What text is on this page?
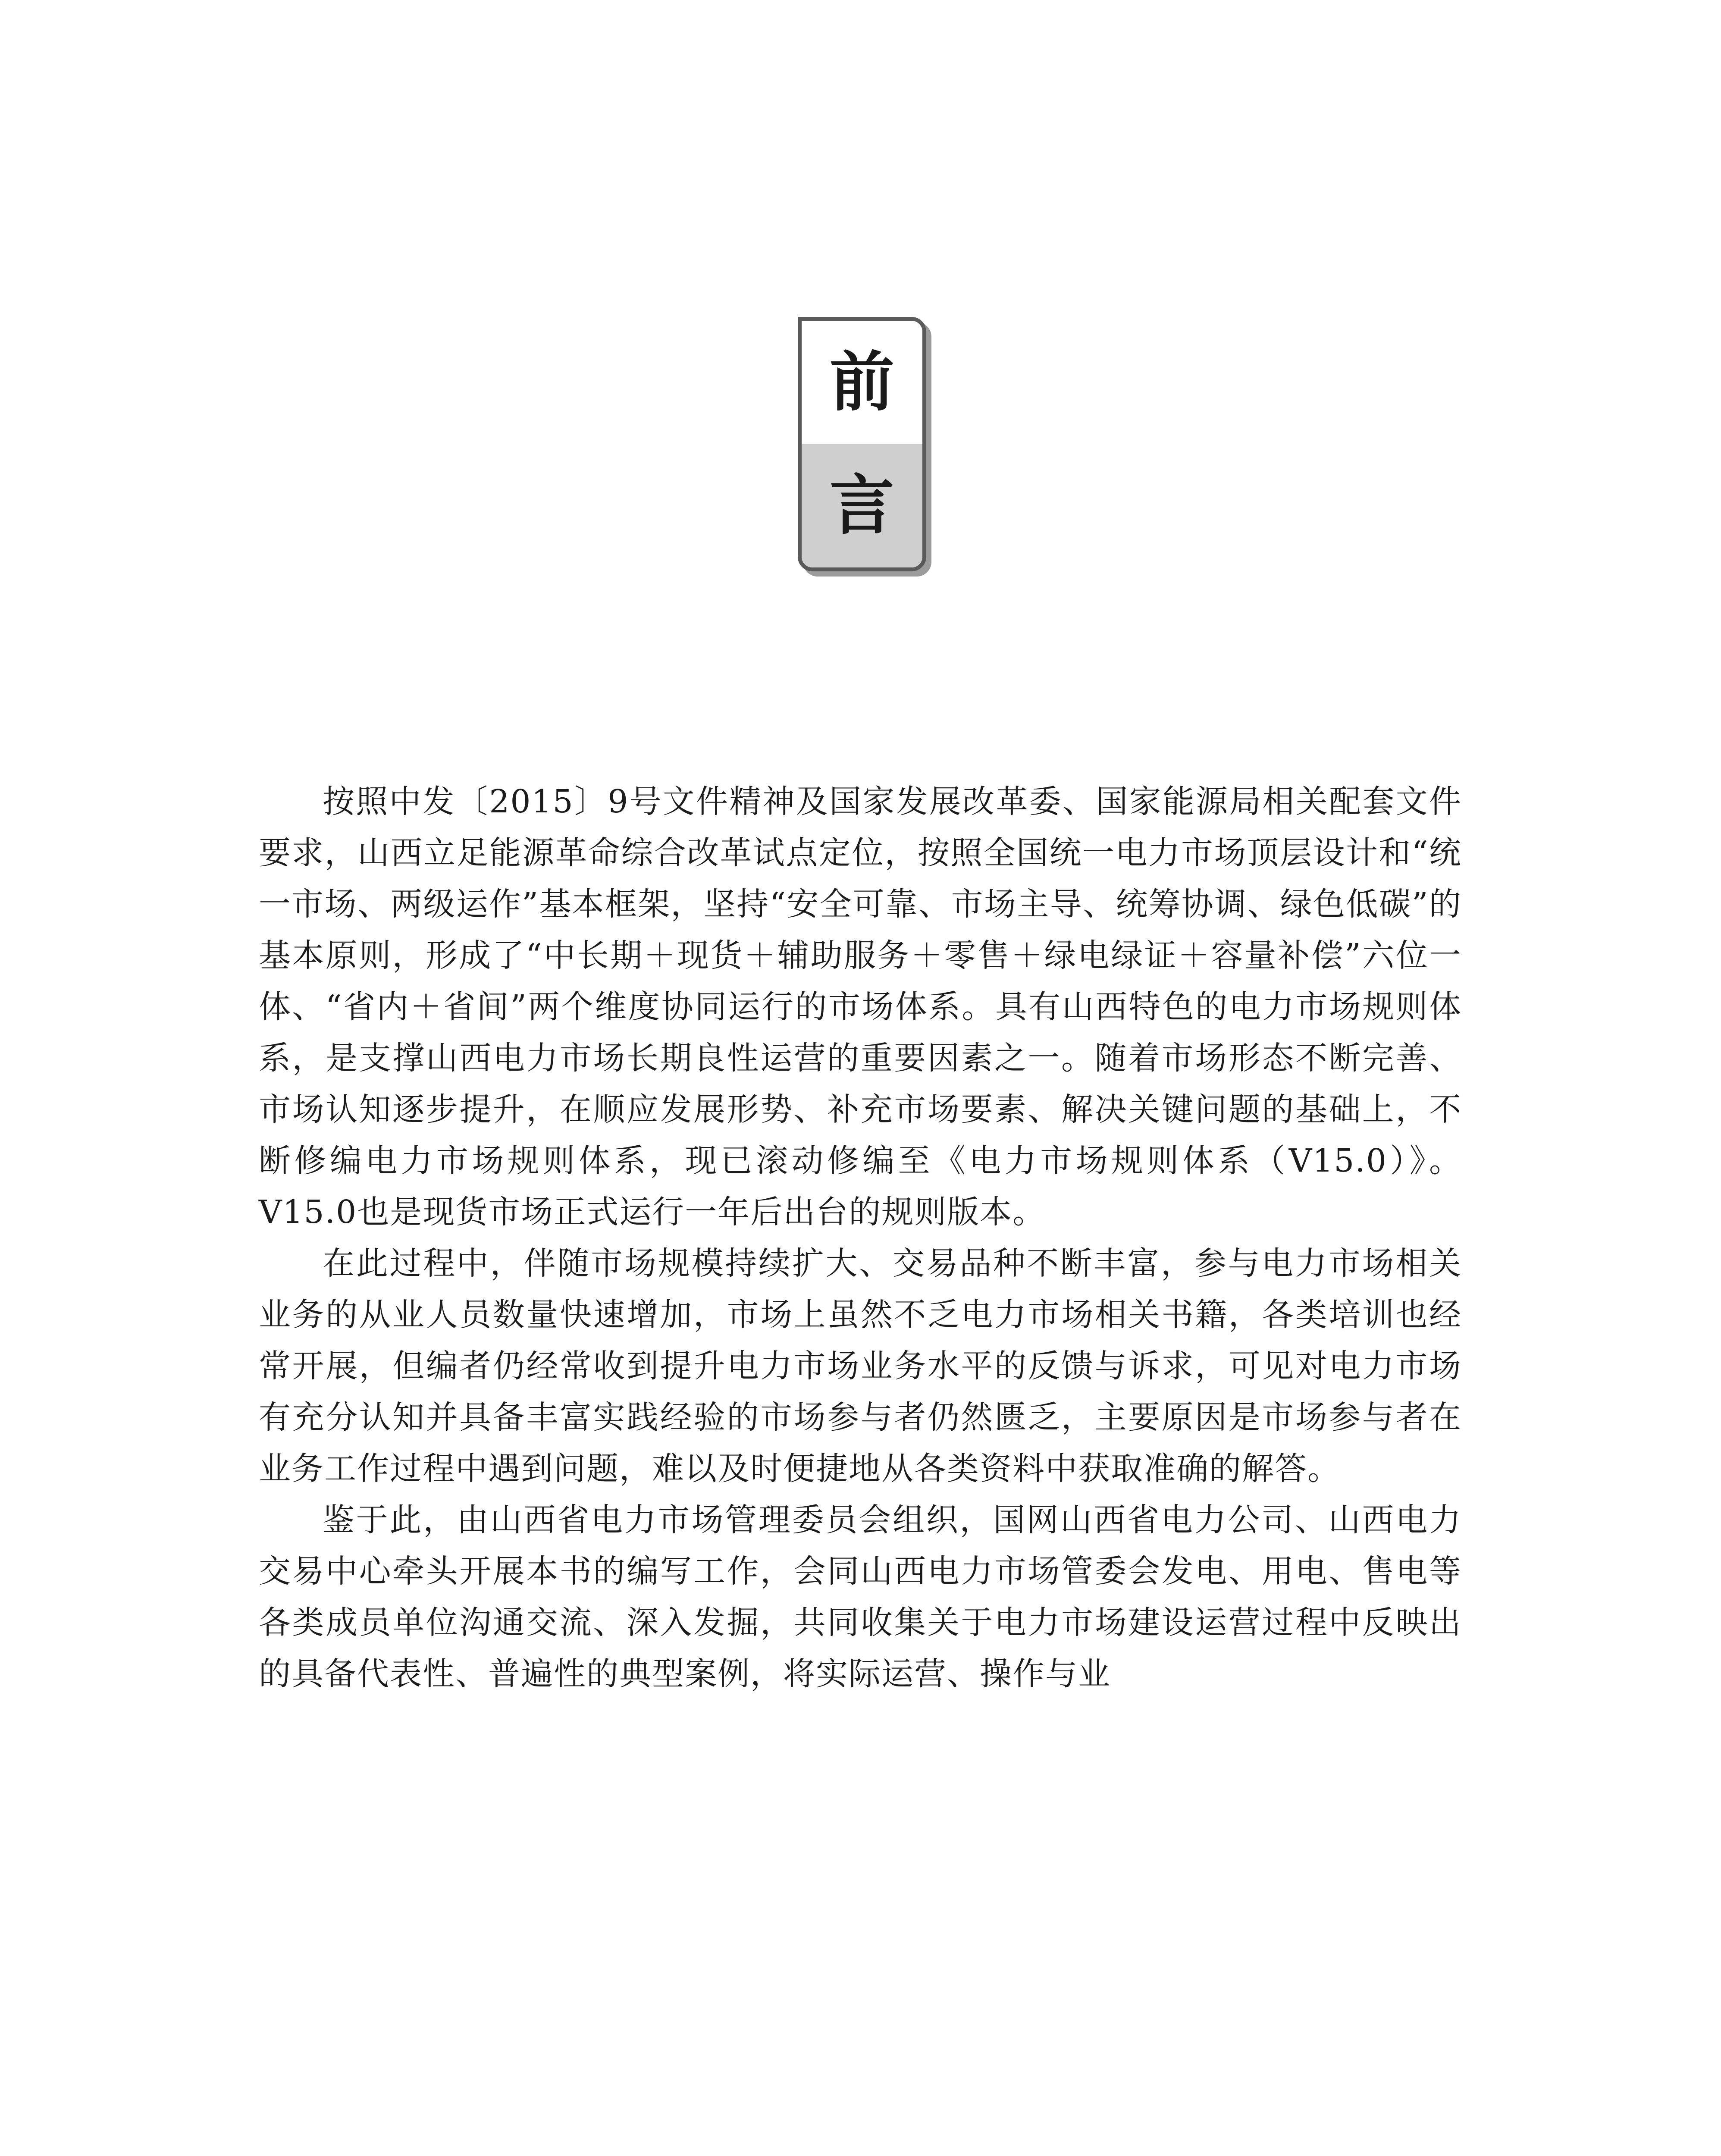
前
言

按照中发〔2015〕9号文件精神及国家发展改革委、国家能源局相关配套文件要求，山西立足能源革命综合改革试点定位，按照全国统一电力市场顶层设计和“统一市场、两级运作”基本框架，坚持“安全可靠、市场主导、统筹协调、绿色低碳”的基本原则，形成了“中长期＋现货＋辅助服务＋零售＋绿电绿证＋容量补偿”六位一体、“省内＋省间”两个维度协同运行的市场体系。具有山西特色的电力市场规则体系，是支撑山西电力市场长期良性运营的重要因素之一。随着市场形态不断完善、市场认知逐步提升，在顺应发展形势、补充市场要素、解决关键问题的基础上，不断修编电力市场规则体系，现已滚动修编至《电力市场规则体系（V15.0）》。V15.0也是现货市场正式运行一年后出台的规则版本。

在此过程中，伴随市场规模持续扩大、交易品种不断丰富，参与电力市场相关业务的从业人员数量快速增加，市场上虽然不乏电力市场相关书籍，各类培训也经常开展，但编者仍经常收到提升电力市场业务水平的反馈与诉求，可见对电力市场有充分认知并具备丰富实践经验的市场参与者仍然匮乏，主要原因是市场参与者在业务工作过程中遇到问题，难以及时便捷地从各类资料中获取准确的解答。

鉴于此，由山西省电力市场管理委员会组织，国网山西省电力公司、山西电力交易中心牵头开展本书的编写工作，会同山西电力市场管委会发电、用电、售电等各类成员单位沟通交流、深入发掘，共同收集关于电力市场建设运营过程中反映出的具备代表性、普遍性的典型案例，将实际运营、操作与业
